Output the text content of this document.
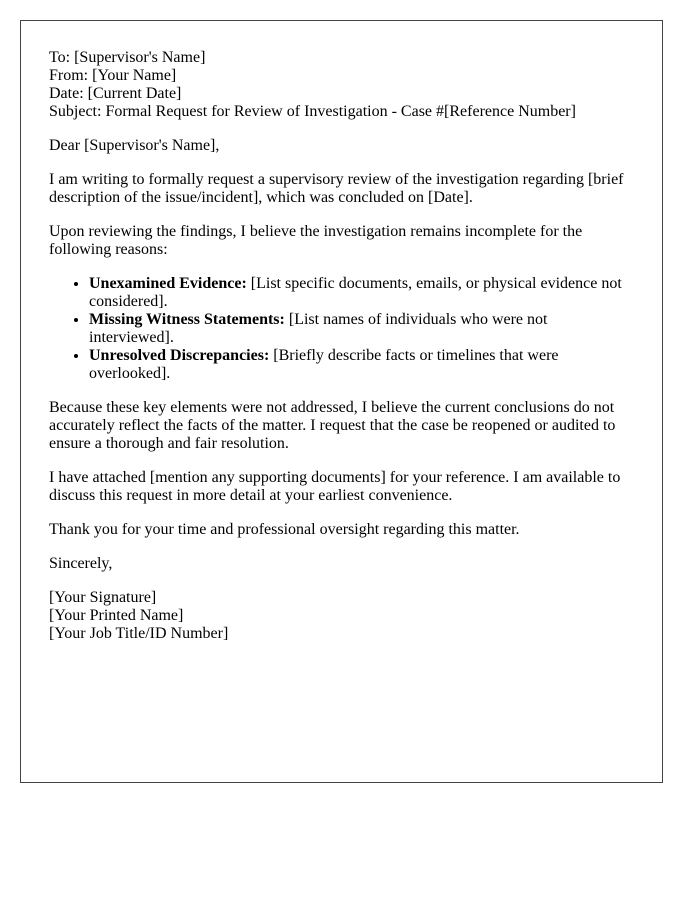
To: [Supervisor's Name]
From: [Your Name]
Date: [Current Date]
Subject: Formal Request for Review of Investigation - Case #[Reference Number]

Dear [Supervisor's Name],

I am writing to formally request a supervisory review of the investigation regarding [brief description of the issue/incident], which was concluded on [Date].

Upon reviewing the findings, I believe the investigation remains incomplete for the following reasons:

• Unexamined Evidence: [List specific documents, emails, or physical evidence not considered].
• Missing Witness Statements: [List names of individuals who were not interviewed].
• Unresolved Discrepancies: [Briefly describe facts or timelines that were overlooked].

Because these key elements were not addressed, I believe the current conclusions do not accurately reflect the facts of the matter. I request that the case be reopened or audited to ensure a thorough and fair resolution.

I have attached [mention any supporting documents] for your reference. I am available to discuss this request in more detail at your earliest convenience.

Thank you for your time and professional oversight regarding this matter.

Sincerely,

[Your Signature]
[Your Printed Name]
[Your Job Title/ID Number]
